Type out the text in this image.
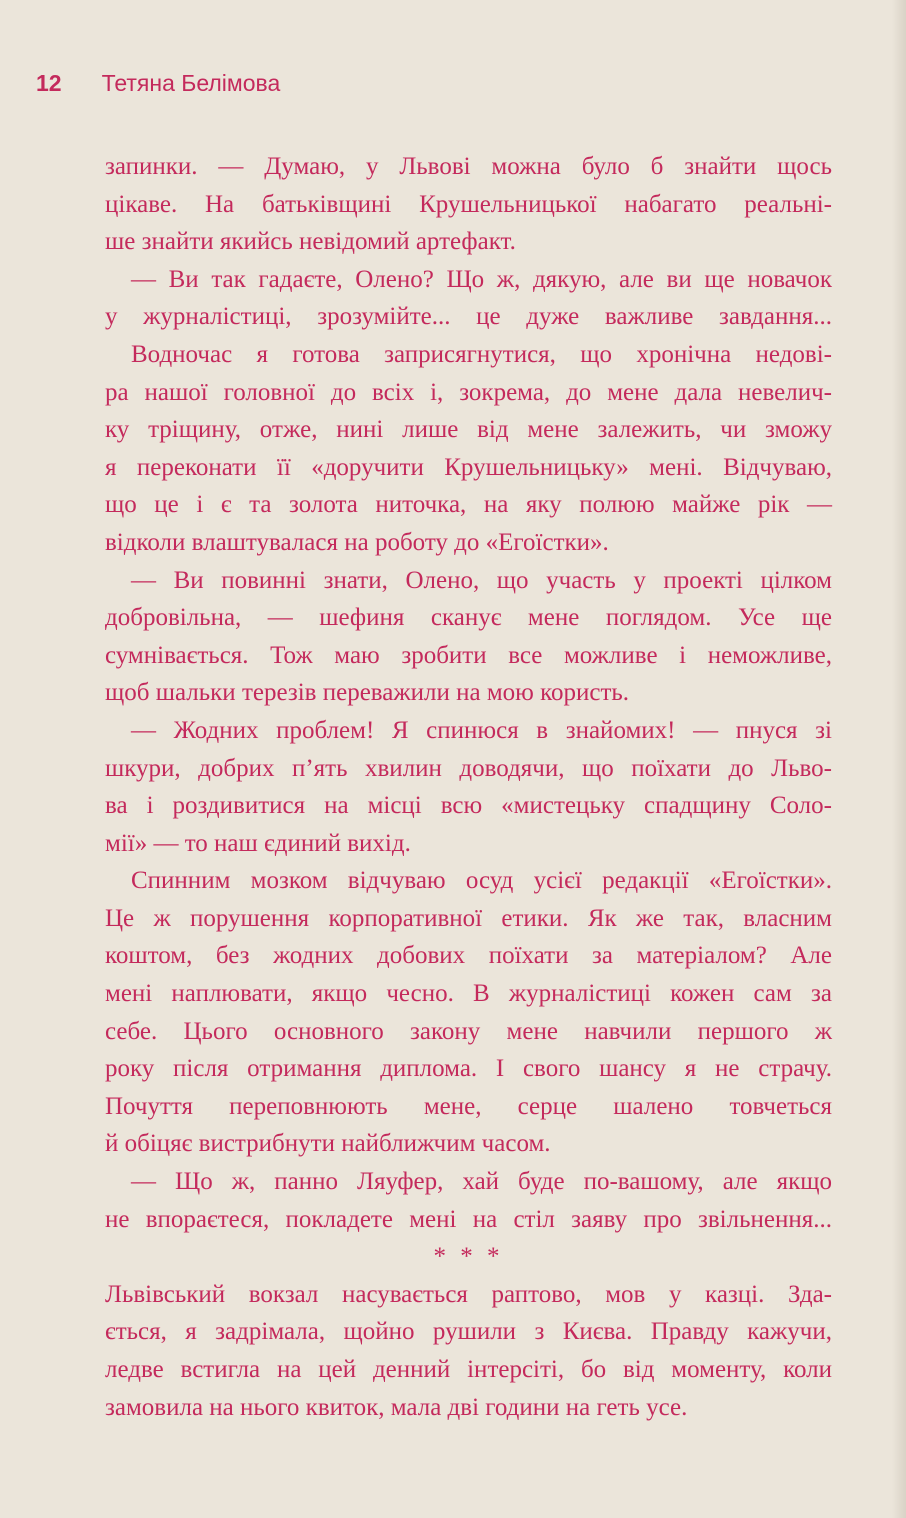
12 Тетяна Белімова
запинки. — Думаю, у Львові можна було б знайти щось
цікаве. На батьківщині Крушельницької набагато реальні-
ше знайти якийсь невідомий артефакт.
— Ви так гадаєте, Олено? Що ж, дякую, але ви ще новачок
у журналістиці, зрозумійте... це дуже важливе завдання...
Водночас я готова заприсягнутися, що хронічна недові-
ра нашої головної до всіх і, зокрема, до мене дала невелич-
ку тріщину, отже, нині лише від мене залежить, чи зможу
я переконати її «доручити Крушельницьку» мені. Відчуваю,
що це і є та золота ниточка, на яку полюю майже рік —
відколи влаштувалася на роботу до «Егоїстки».
— Ви повинні знати, Олено, що участь у проекті цілком
добровільна, — шефиня сканує мене поглядом. Усе ще
сумнівається. Тож маю зробити все можливе і неможливе,
щоб шальки терезів переважили на мою користь.
— Жодних проблем! Я спинюся в знайомих! — пнуся зі
шкури, добрих п’ять хвилин доводячи, що поїхати до Льво-
ва і роздивитися на місці всю «мистецьку спадщину Соло-
мії» — то наш єдиний вихід.
Спинним мозком відчуваю осуд усієї редакції «Егоїстки».
Це ж порушення корпоративної етики. Як же так, власним
коштом, без жодних добових поїхати за матеріалом? Але
мені наплювати, якщо чесно. В журналістиці кожен сам за
себе. Цього основного закону мене навчили першого ж
року після отримання диплома. І свого шансу я не страчу.
Почуття переповнюють мене, серце шалено товчеться
й обіцяє вистрибнути найближчим часом.
— Що ж, панно Ляуфер, хай буде по-вашому, але якщо
не впораєтеся, покладете мені на стіл заяву про звільнення...
* * *
Львівський вокзал насувається раптово, мов у казці. Зда-
ється, я задрімала, щойно рушили з Києва. Правду кажучи,
ледве встигла на цей денний інтерсіті, бо від моменту, коли
замовила на нього квиток, мала дві години на геть усе.
